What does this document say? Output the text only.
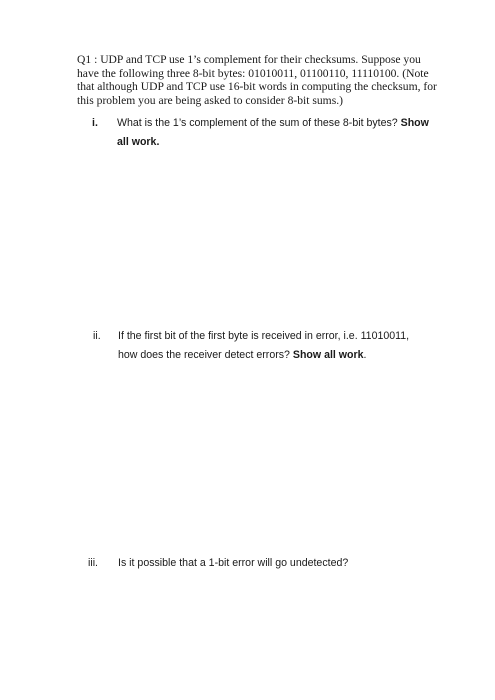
Q1 : UDP and TCP use 1’s complement for their checksums. Suppose you
have the following three 8-bit bytes: 01010011, 01100110, 11110100. (Note
that although UDP and TCP use 16-bit words in computing the checksum, for
this problem you are being asked to consider 8-bit sums.)

i. What is the 1’s complement of the sum of these 8-bit bytes? Show
all work.
ii. If the first bit of the first byte is received in error, i.e. 11010011,
how does the receiver detect errors? Show all work.
iii. Is it possible that a 1-bit error will go undetected?
